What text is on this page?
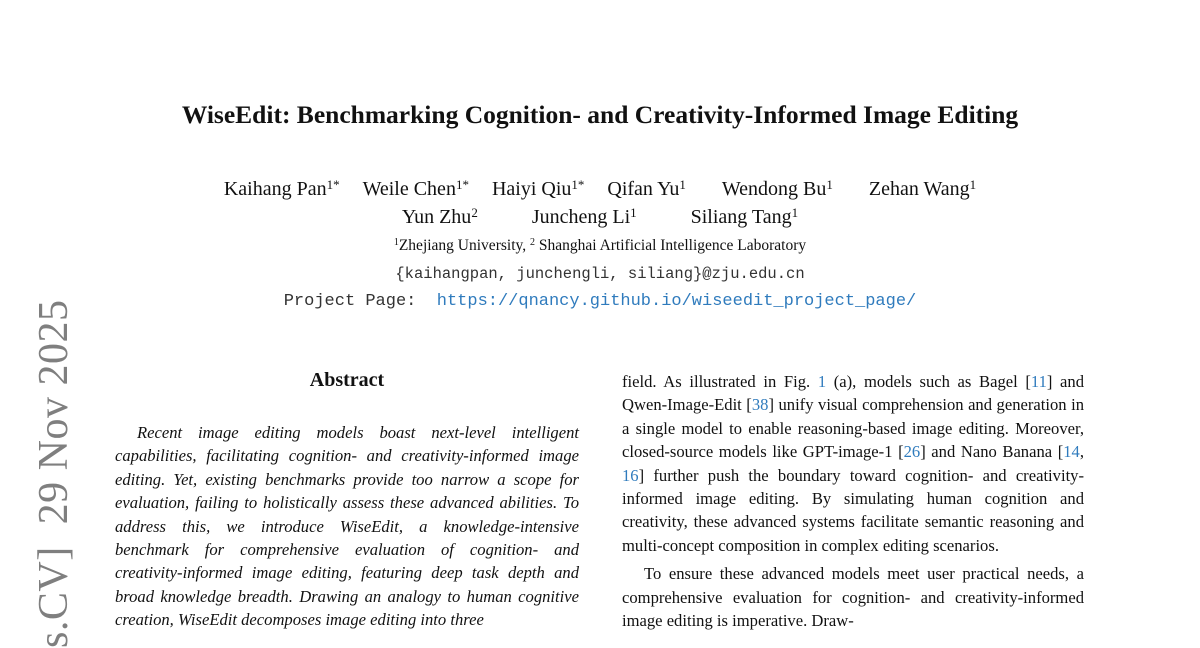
s.CV]  29 Nov 2025
WiseEdit: Benchmarking Cognition- and Creativity-Informed Image Editing
Kaihang Pan$^{1*}$ Weile Chen$^{1*}$ Haiyi Qiu$^{1*}$ Qifan Yu$^1$ Wendong Bu$^1$ Zehan Wang$^1$
Yun Zhu$^2$	Juncheng Li$^1$	Siliang Tang$^1$
$^1$Zhejiang University, $^2$ Shanghai Artificial Intelligence Laboratory
{kaihangpan, junchengli, siliang}@zju.edu.cn
Project Page:  https://qnancy.github.io/wiseedit_project_page/
Abstract
Recent image editing models boast next-level intelligent capabilities, facilitating cognition- and creativity-informed image editing. Yet, existing benchmarks provide too narrow a scope for evaluation, failing to holistically assess these advanced abilities. To address this, we introduce WiseEdit, a knowledge-intensive benchmark for comprehensive evaluation of cognition- and creativity-informed image editing, featuring deep task depth and broad knowledge breadth. Drawing an analogy to human cognitive creation, WiseEdit decomposes image editing into three

field. As illustrated in Fig. 1 (a), models such as Bagel [11] and Qwen-Image-Edit [38] unify visual comprehension and generation in a single model to enable reasoning-based image editing. Moreover, closed-source models like GPT-image-1 [26] and Nano Banana [14, 16] further push the boundary toward cognition- and creativity-informed image editing. By simulating human cognition and creativity, these advanced systems facilitate semantic reasoning and multi-concept composition in complex editing scenarios.

To ensure these advanced models meet user practical needs, a comprehensive evaluation for cognition- and creativity-informed image editing is imperative. Draw-
